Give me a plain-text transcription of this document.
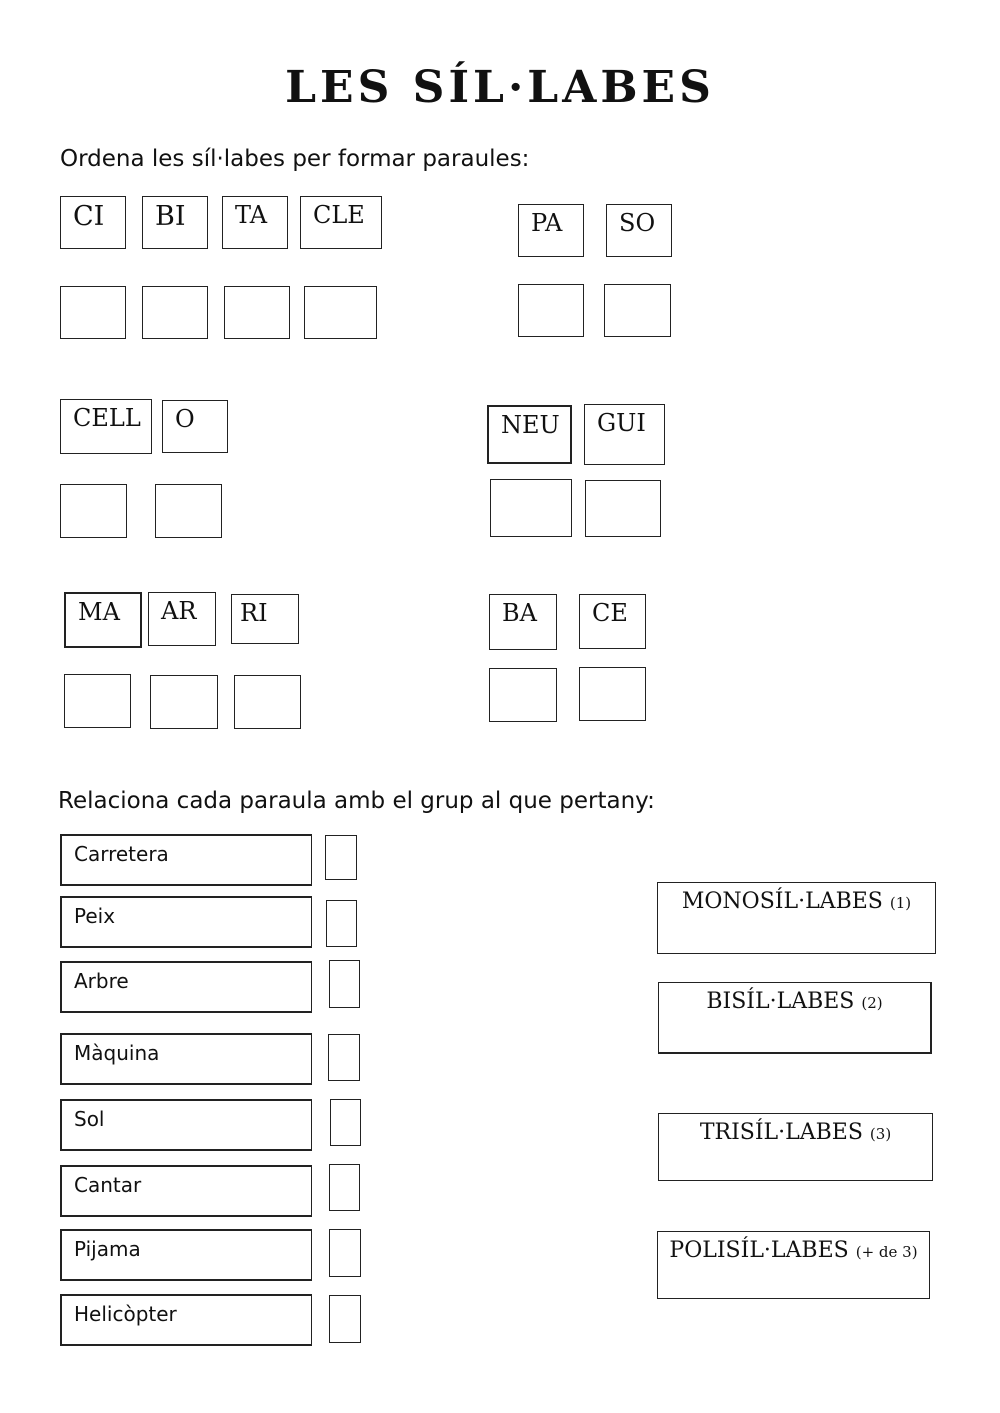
LES SÍL·LABES
Ordena les síl·labes per formar paraules:
CI	BI	TA	CLE	PA	SO
CELL	O	NEU	GUI
MA	AR	RI	BA	CE
Relaciona cada paraula amb el grup al que pertany:
Carretera
Peix
Arbre
Màquina
Sol
Cantar
Pijama
Helicòpter
MONOSÍL·LABES (1)
BISÍL·LABES (2)
TRISÍL·LABES (3)
POLISÍL·LABES (+ de 3)
